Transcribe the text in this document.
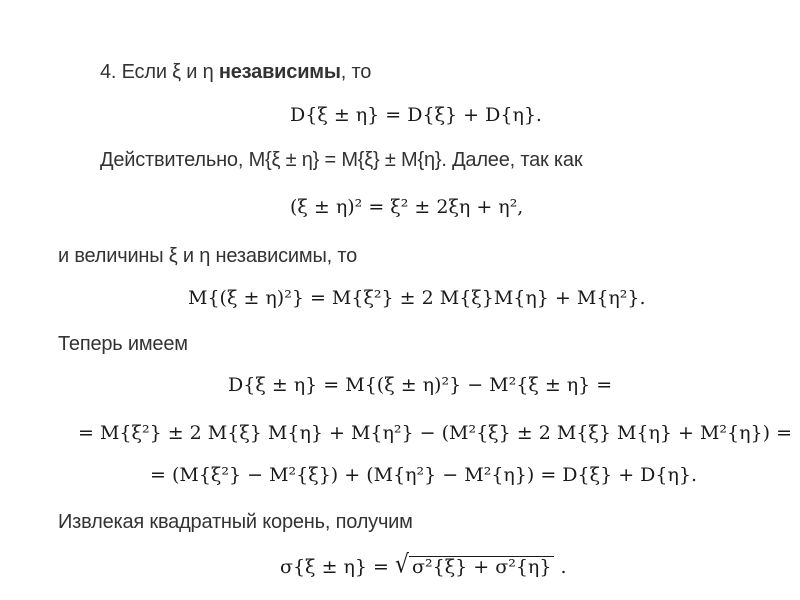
4. Если ξ и η независимы, то
D{ξ ± η} = D{ξ} + D{η}.
Действительно, M{ξ ± η} = M{ξ} ± M{η}. Далее, так как
(ξ ± η)² = ξ² ± 2ξη + η²,
и величины ξ и η независимы, то
M{(ξ ± η)²} = M{ξ²} ± 2 M{ξ}M{η} + M{η²}.
Теперь имеем
D{ξ ± η} = M{(ξ ± η)²} − M²{ξ ± η} =
= M{ξ²} ± 2 M{ξ} M{η} + M{η²} − (M²{ξ} ± 2 M{ξ} M{η} + M²{η}) =
= (M{ξ²} − M²{ξ}) + (M{η²} − M²{η}) = D{ξ} + D{η}.
Извлекая квадратный корень, получим
σ{ξ ± η} = √ σ²{ξ} + σ²{η} .
